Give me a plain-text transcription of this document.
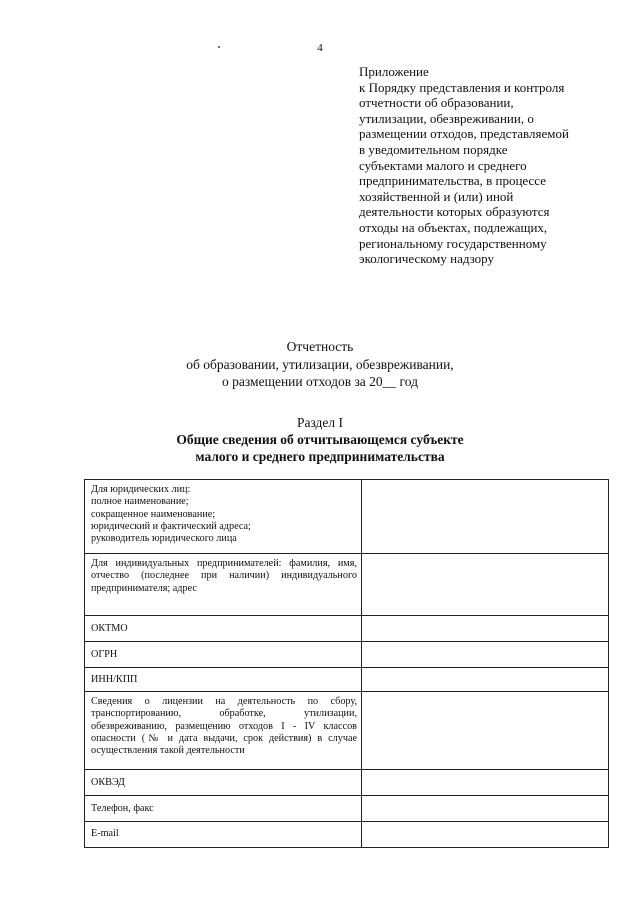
4
Приложение
к Порядку представления и контроля
отчетности об образовании,
утилизации, обезвреживании, о
размещении отходов, представляемой
в уведомительном порядке
субъектами малого и среднего
предпринимательства, в процессе
хозяйственной и (или) иной
деятельности которых образуются
отходы на объектах, подлежащих,
региональному государственному
экологическому надзору
Отчетность
об образовании, утилизации, обезвреживании,
о размещении отходов за 20__ год
Раздел I
Общие сведения об отчитывающемся субъекте
малого и среднего предпринимательства
Для юридических лиц:
полное наименование;
сокращенное наименование;
юридический и фактический адреса;
руководитель юридического лица	

Для индивидуальных предпринимателей: фамилия, имя, отчество (последнее при наличии) индивидуального предпринимателя; адрес	
ОКТМО	
ОГРН	
ИНН/КПП	
Сведения о лицензии на деятельность по сбору, транспортированию, обработке, утилизации, обезвреживанию, размещению отходов I - IV классов опасности (№ и дата выдачи, срок действия) в случае осуществления такой деятельности	
ОКВЭД	
Телефон, факс	
E-mail	
